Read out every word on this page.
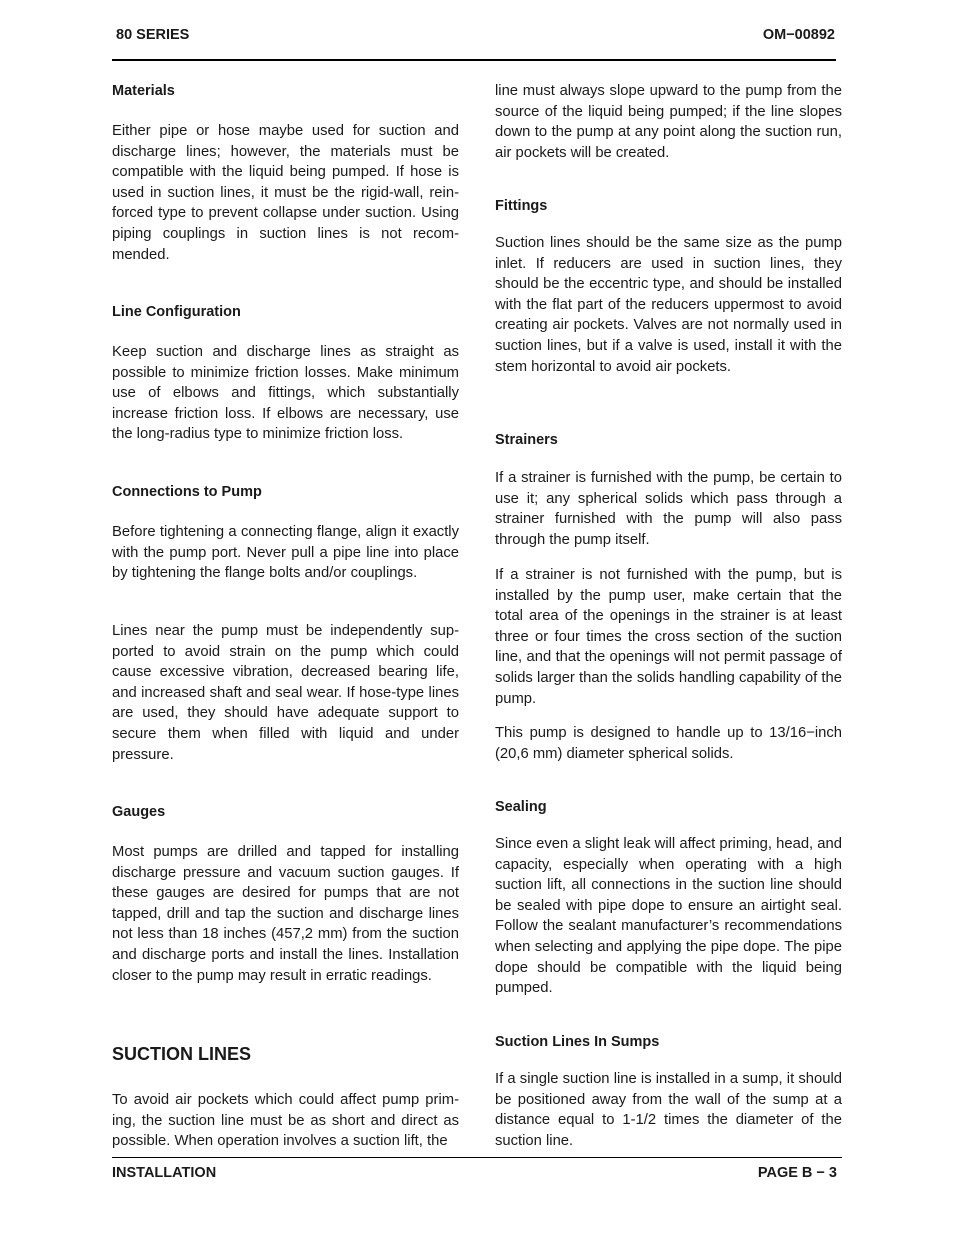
80 SERIES	OM−00892
Materials

Either pipe or hose maybe used for suction and discharge lines; however, the materials must be compatible with the liquid being pumped. If hose is used in suction lines, it must be the rigid-wall, reinforced type to prevent collapse under suction. Using piping couplings in suction lines is not recommended.

Line Configuration

Keep suction and discharge lines as straight as possible to minimize friction losses. Make minimum use of elbows and fittings, which substantially increase friction loss. If elbows are necessary, use the long-radius type to minimize friction loss.

Connections to Pump

Before tightening a connecting flange, align it exactly with the pump port. Never pull a pipe line into place by tightening the flange bolts and/or couplings.

Lines near the pump must be independently supported to avoid strain on the pump which could cause excessive vibration, decreased bearing life, and increased shaft and seal wear. If hose-type lines are used, they should have adequate support to secure them when filled with liquid and under pressure.

Gauges

Most pumps are drilled and tapped for installing discharge pressure and vacuum suction gauges. If these gauges are desired for pumps that are not tapped, drill and tap the suction and discharge lines not less than 18 inches (457,2 mm) from the suction and discharge ports and install the lines. Installation closer to the pump may result in erratic readings.

SUCTION LINES

To avoid air pockets which could affect pump priming, the suction line must be as short and direct as possible. When operation involves a suction lift, the

line must always slope upward to the pump from the source of the liquid being pumped; if the line slopes down to the pump at any point along the suction run, air pockets will be created.

Fittings

Suction lines should be the same size as the pump inlet. If reducers are used in suction lines, they should be the eccentric type, and should be installed with the flat part of the reducers uppermost to avoid creating air pockets. Valves are not normally used in suction lines, but if a valve is used, install it with the stem horizontal to avoid air pockets.

Strainers

If a strainer is furnished with the pump, be certain to use it; any spherical solids which pass through a strainer furnished with the pump will also pass through the pump itself.

If a strainer is not furnished with the pump, but is installed by the pump user, make certain that the total area of the openings in the strainer is at least three or four times the cross section of the suction line, and that the openings will not permit passage of solids larger than the solids handling capability of the pump.

This pump is designed to handle up to 13/16−inch (20,6 mm) diameter spherical solids.

Sealing

Since even a slight leak will affect priming, head, and capacity, especially when operating with a high suction lift, all connections in the suction line should be sealed with pipe dope to ensure an airtight seal. Follow the sealant manufacturer’s recommendations when selecting and applying the pipe dope. The pipe dope should be compatible with the liquid being pumped.

Suction Lines In Sumps

If a single suction line is installed in a sump, it should be positioned away from the wall of the sump at a distance equal to 1-1/2 times the diameter of the suction line.

INSTALLATION	PAGE B − 3
